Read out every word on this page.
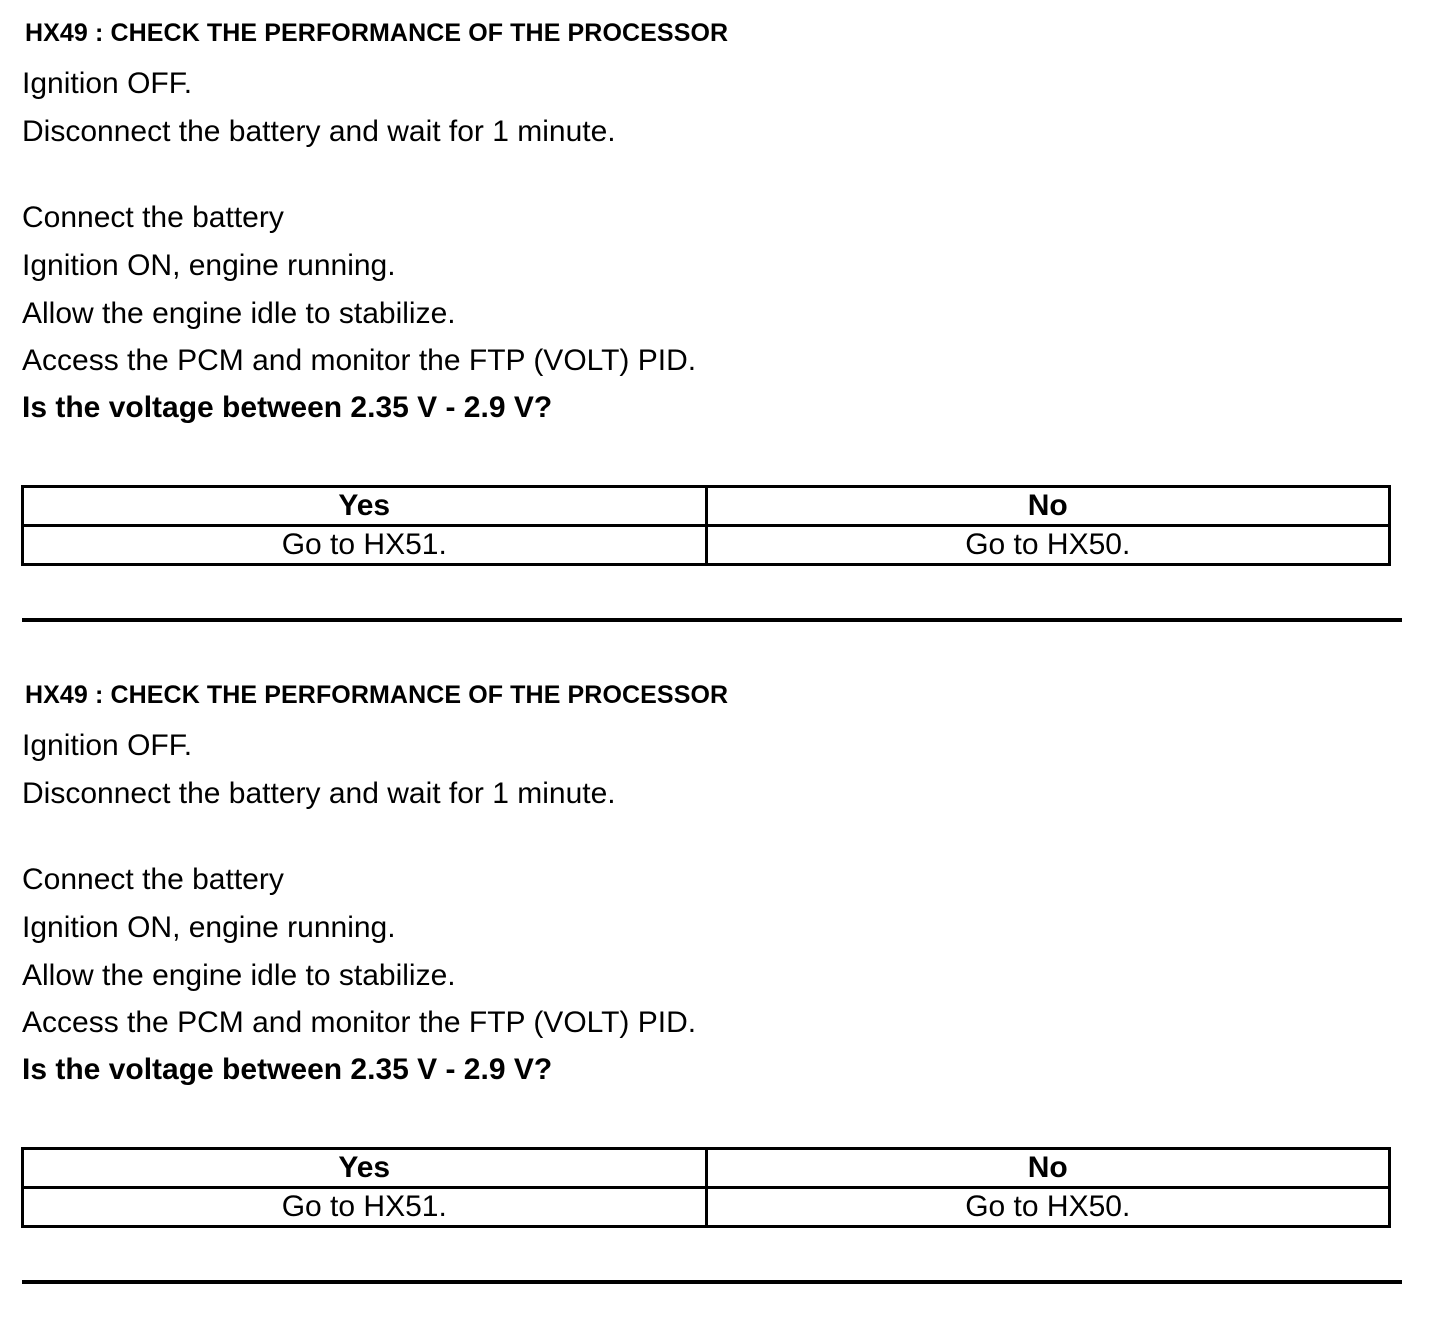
HX49 : CHECK THE PERFORMANCE OF THE PROCESSOR
Ignition OFF.
Disconnect the battery and wait for 1 minute.
Connect the battery
Ignition ON, engine running.
Allow the engine idle to stabilize.
Access the PCM and monitor the FTP (VOLT) PID.
Is the voltage between 2.35 V - 2.9 V?
Yes	No
Go to HX51.	Go to HX50.
HX49 : CHECK THE PERFORMANCE OF THE PROCESSOR
Ignition OFF.
Disconnect the battery and wait for 1 minute.
Connect the battery
Ignition ON, engine running.
Allow the engine idle to stabilize.
Access the PCM and monitor the FTP (VOLT) PID.
Is the voltage between 2.35 V - 2.9 V?
Yes	No
Go to HX51.	Go to HX50.
